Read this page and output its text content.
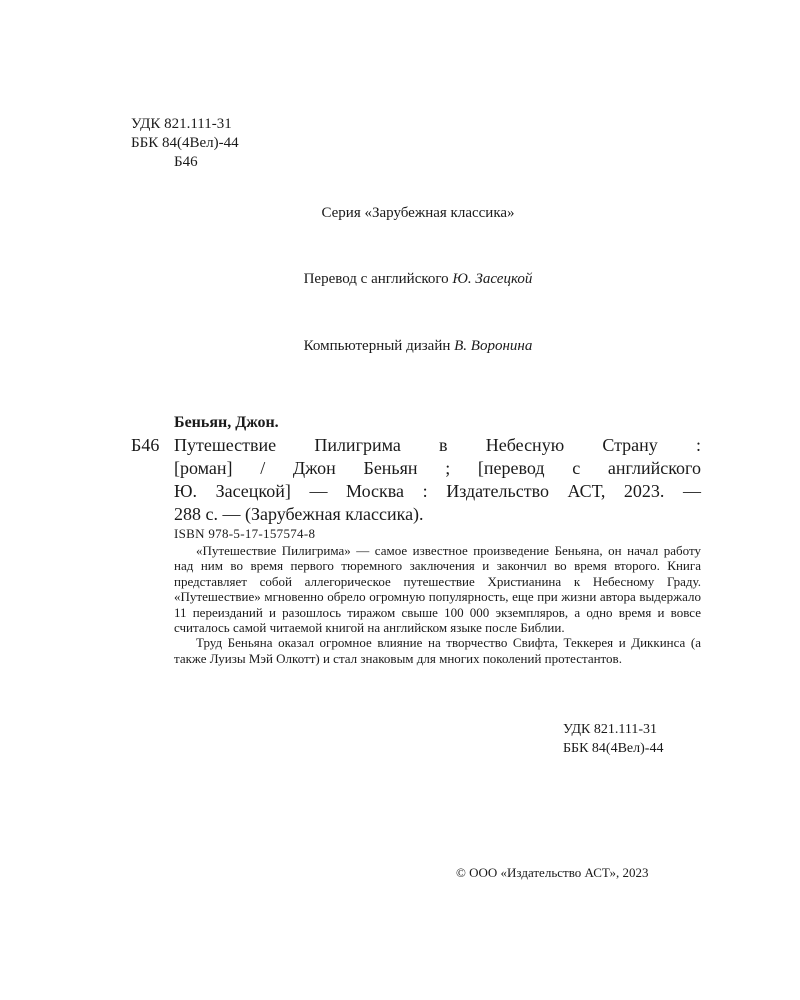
УДК 821.111-31
ББК 84(4Вел)-44
Б46
Серия «Зарубежная классика»
Перевод с английского Ю. Засецкой
Компьютерный дизайн В. Воронина
Беньян, Джон.
Б46 Путешествие Пилигрима в Небесную Страну :
[роман] / Джон Беньян ; [перевод с английского
Ю. Засецкой] — Москва : Издательство АСТ, 2023. —
288 с. — (Зарубежная классика).
ISBN 978-5-17-157574-8

«Путешествие Пилигрима» — самое известное произведение Беньяна, он начал работу над ним во время первого тюремного заключения и закончил во время второго. Книга представляет собой аллегорическое путешествие Христианина к Небесному Граду. «Путешествие» мгновенно обрело огромную популярность, еще при жизни автора выдержало 11 переизданий и разошлось тиражом свыше 100 000 экземпляров, а одно время и вовсе считалось самой читаемой книгой на английском языке после Библии.

Труд Беньяна оказал огромное влияние на творчество Свифта, Теккерея и Диккинса (а также Луизы Мэй Олкотт) и стал знаковым для многих поколений протестантов.

УДК 821.111-31
ББК 84(4Вел)-44
© ООО «Издательство АСТ», 2023
